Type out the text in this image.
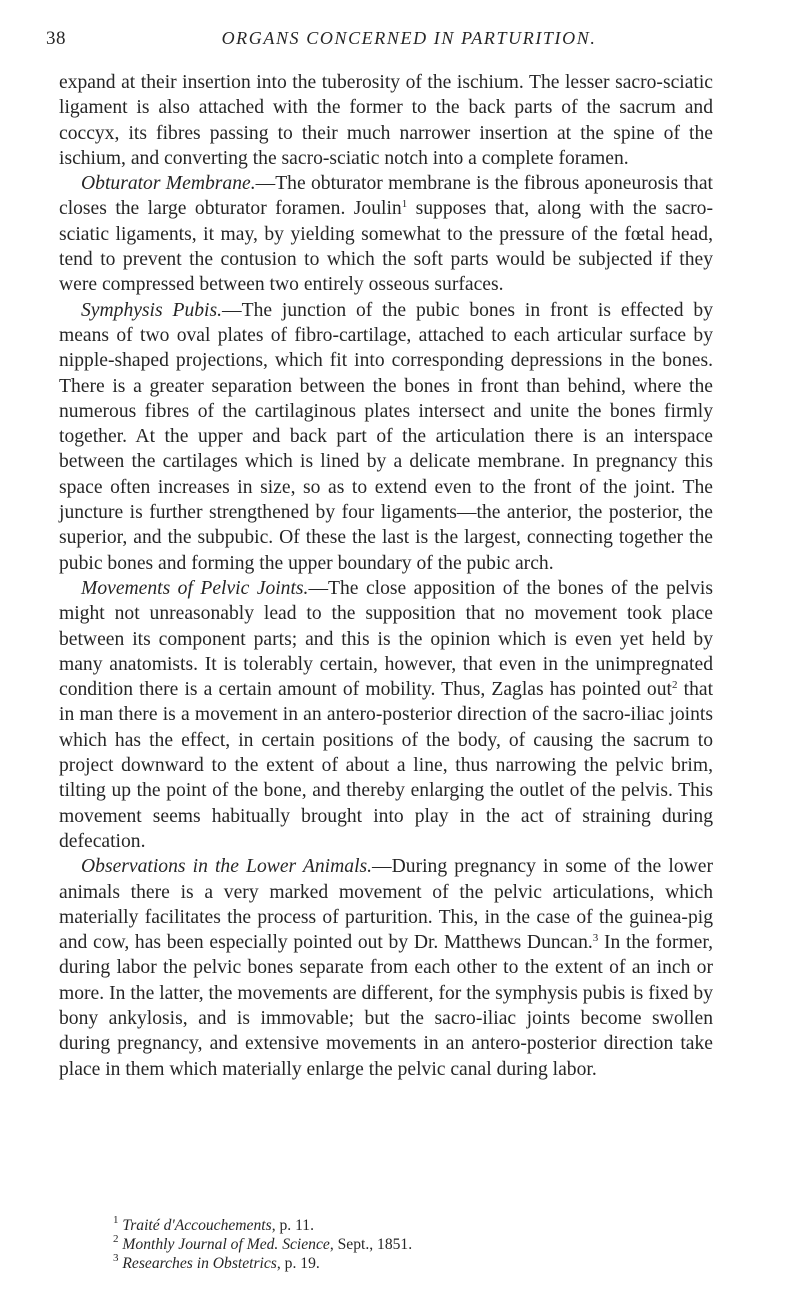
38	ORGANS CONCERNED IN PARTURITION.

expand at their insertion into the tuberosity of the ischium. The lesser sacro-sciatic ligament is also attached with the former to the back parts of the sacrum and coccyx, its fibres passing to their much narrower insertion at the spine of the ischium, and converting the sacro-sciatic notch into a complete foramen.

Obturator Membrane.—The obturator membrane is the fibrous aponeurosis that closes the large obturator foramen. Joulin$^1$ supposes that, along with the sacro-sciatic ligaments, it may, by yielding somewhat to the pressure of the fœtal head, tend to prevent the contusion to which the soft parts would be subjected if they were compressed between two entirely osseous surfaces.

Symphysis Pubis.—The junction of the pubic bones in front is effected by means of two oval plates of fibro-cartilage, attached to each articular surface by nipple-shaped projections, which fit into corresponding depressions in the bones. There is a greater separation between the bones in front than behind, where the numerous fibres of the cartilaginous plates intersect and unite the bones firmly together. At the upper and back part of the articulation there is an interspace between the cartilages which is lined by a delicate membrane. In pregnancy this space often increases in size, so as to extend even to the front of the joint. The juncture is further strengthened by four ligaments—the anterior, the posterior, the superior, and the subpubic. Of these the last is the largest, connecting together the pubic bones and forming the upper boundary of the pubic arch.

Movements of Pelvic Joints.—The close apposition of the bones of the pelvis might not unreasonably lead to the supposition that no movement took place between its component parts; and this is the opinion which is even yet held by many anatomists. It is tolerably certain, however, that even in the unimpregnated condition there is a certain amount of mobility. Thus, Zaglas has pointed out$^2$ that in man there is a movement in an antero-posterior direction of the sacro-iliac joints which has the effect, in certain positions of the body, of causing the sacrum to project downward to the extent of about a line, thus narrowing the pelvic brim, tilting up the point of the bone, and thereby enlarging the outlet of the pelvis. This movement seems habitually brought into play in the act of straining during defecation.

Observations in the Lower Animals.—During pregnancy in some of the lower animals there is a very marked movement of the pelvic articulations, which materially facilitates the process of parturition. This, in the case of the guinea-pig and cow, has been especially pointed out by Dr. Matthews Duncan.$^3$ In the former, during labor the pelvic bones separate from each other to the extent of an inch or more. In the latter, the movements are different, for the symphysis pubis is fixed by bony ankylosis, and is immovable; but the sacro-iliac joints become swollen during pregnancy, and extensive movements in an antero-posterior direction take place in them which materially enlarge the pelvic canal during labor.

$^1$ Traité d'Accouchements, p. 11.

$^2$ Monthly Journal of Med. Science, Sept., 1851.

$^3$ Researches in Obstetrics, p. 19.
